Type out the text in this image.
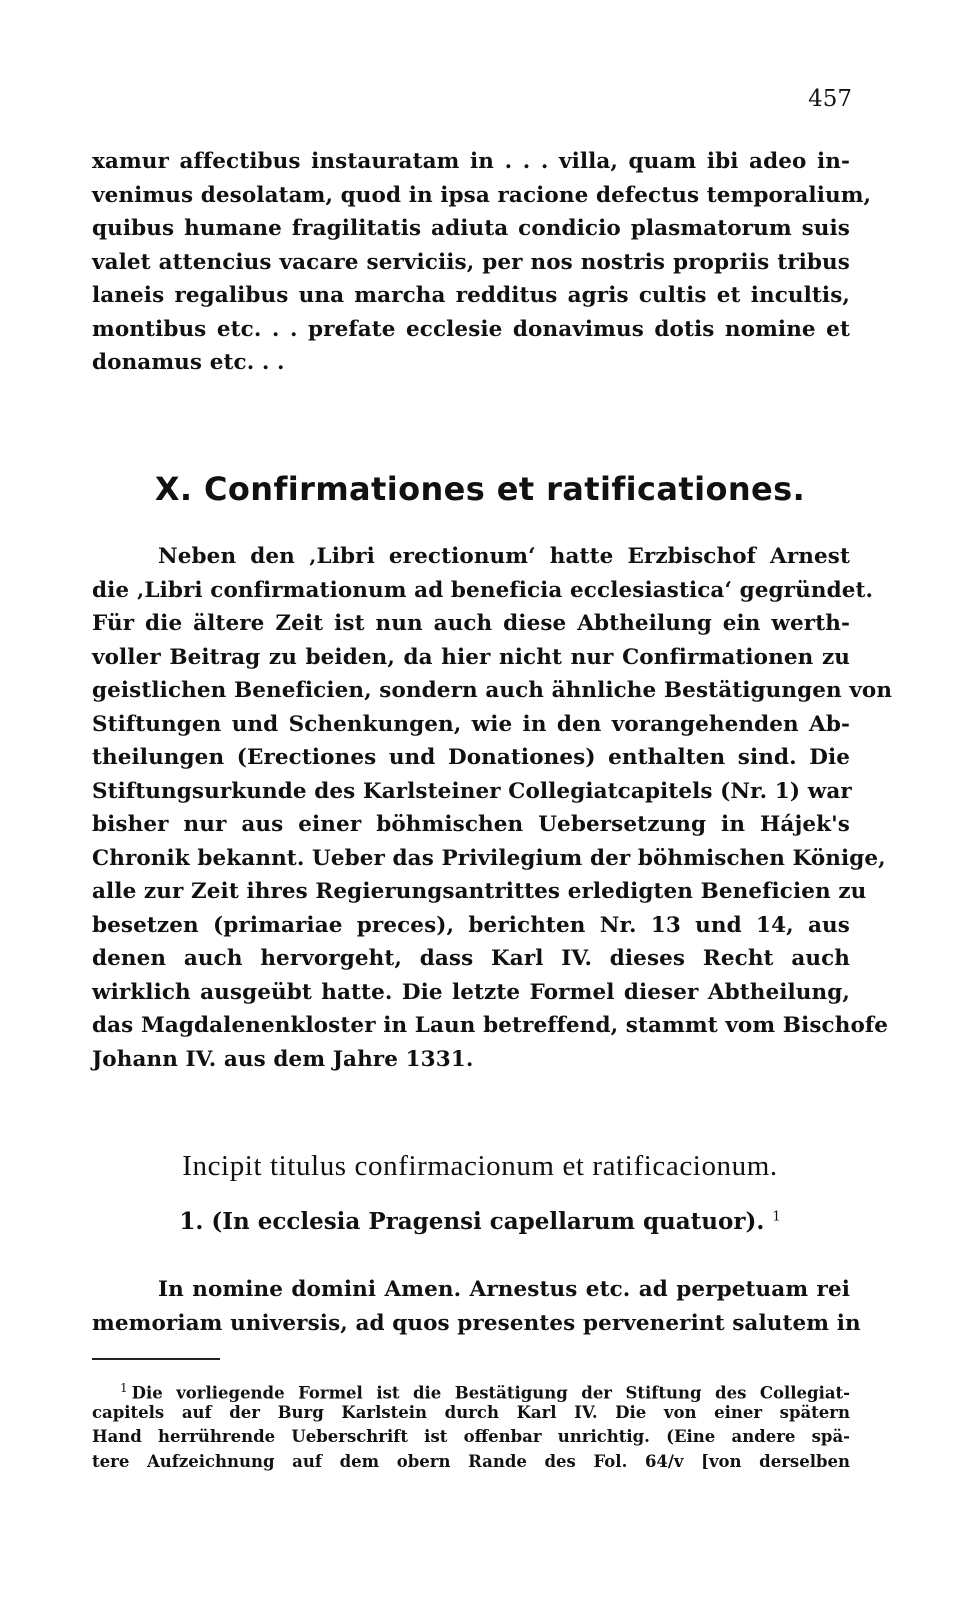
457
xamur affectibus instauratam in . . . villa, quam ibi adeo in-
venimus desolatam, quod in ipsa racione defectus temporalium,
quibus humane fragilitatis adiuta condicio plasmatorum suis
valet attencius vacare serviciis, per nos nostris propriis tribus
laneis regalibus una marcha redditus agris cultis et incultis,
montibus etc. . . prefate ecclesie donavimus dotis nomine et
donamus etc. . .
X. Confirmationes et ratificationes.
Neben den ‚Libri erectionum‘ hatte Erzbischof Arnest
die ‚Libri confirmationum ad beneficia ecclesiastica‘ gegründet.
Für die ältere Zeit ist nun auch diese Abtheilung ein werth-
voller Beitrag zu beiden, da hier nicht nur Confirmationen zu
geistlichen Beneficien, sondern auch ähnliche Bestätigungen von
Stiftungen und Schenkungen, wie in den vorangehenden Ab-
theilungen (Erectiones und Donationes) enthalten sind. Die
Stiftungsurkunde des Karlsteiner Collegiatcapitels (Nr. 1) war
bisher nur aus einer böhmischen Uebersetzung in Hájek's
Chronik bekannt. Ueber das Privilegium der böhmischen Könige,
alle zur Zeit ihres Regierungsantrittes erledigten Beneficien zu
besetzen (primariae preces), berichten Nr. 13 und 14, aus
denen auch hervorgeht, dass Karl IV. dieses Recht auch
wirklich ausgeübt hatte. Die letzte Formel dieser Abtheilung,
das Magdalenenkloster in Laun betreffend, stammt vom Bischofe
Johann IV. aus dem Jahre 1331.
Incipit titulus confirmacionum et ratificacionum.
1. (In ecclesia Pragensi capellarum quatuor). $^1$
In nomine domini Amen. Arnestus etc. ad perpetuam rei
memoriam universis, ad quos presentes pervenerint salutem in
$^1$ Die vorliegende Formel ist die Bestätigung der Stiftung des Collegiat-
capitels auf der Burg Karlstein durch Karl IV. Die von einer spätern
Hand herrührende Ueberschrift ist offenbar unrichtig. (Eine andere spä-
tere Aufzeichnung auf dem obern Rande des Fol. 64/v [von derselben
